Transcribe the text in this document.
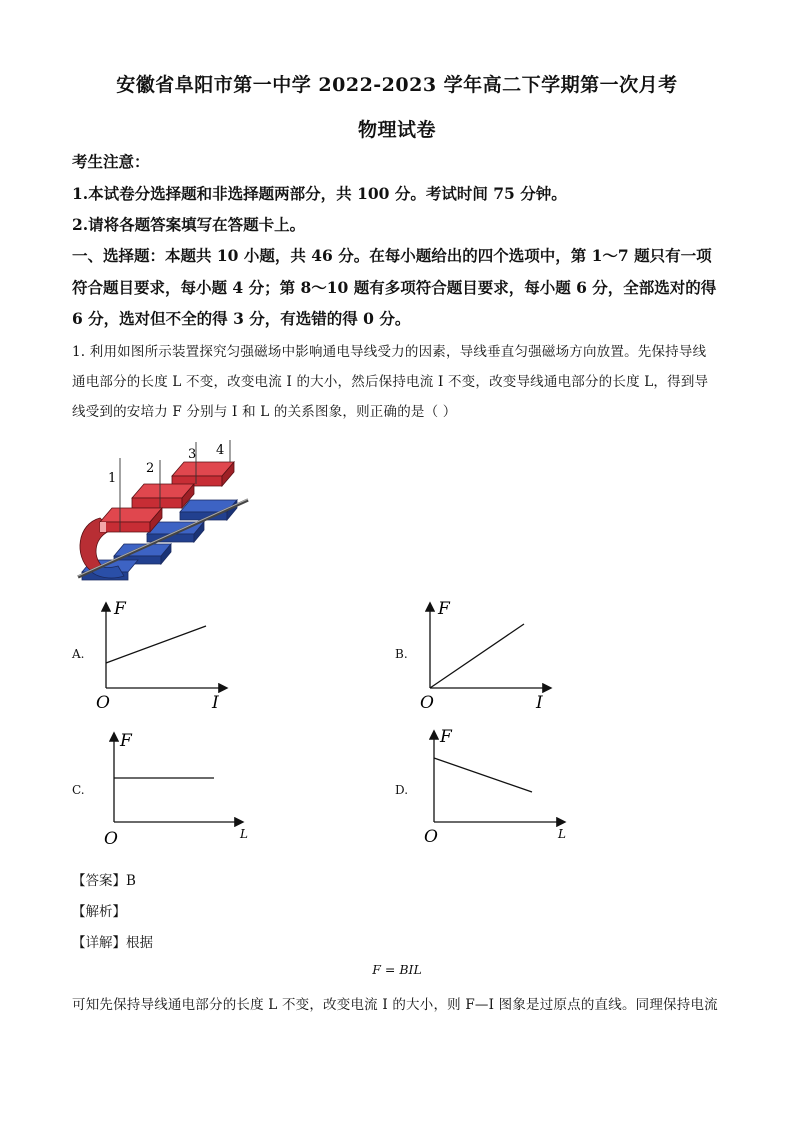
安徽省阜阳市第一中学 2022-2023 学年高二下学期第一次月考
物理试卷
考生注意：
1.本试卷分选择题和非选择题两部分，共 100 分。考试时间 75 分钟。
2.请将各题答案填写在答题卡上。
一、选择题：本题共 10 小题，共 46 分。在每小题给出的四个选项中，第 1～7 题只有一项
符合题目要求，每小题 4 分；第 8～10 题有多项符合题目要求，每小题 6 分，全部选对的得
6 分，选对但不全的得 3 分，有选错的得 0 分。
1. 利用如图所示装置探究匀强磁场中影响通电导线受力的因素，导线垂直匀强磁场方向放置。先保持导线
通电部分的长度 L 不变，改变电流 I 的大小，然后保持电流 I 不变，改变导线通电部分的长度 L，得到导
线受到的安培力 F 分别与 I 和 L 的关系图象，则正确的是（ ）
1
2
3 4
A.
F
I
O
B.
F
I
O
C.
F
L
O
D.
F
L
O
【答案】B
【解析】
【详解】根据
F = BIL
可知先保持导线通电部分的长度 L 不变，改变电流 I 的大小，则 F—I 图象是过原点的直线。同理保持电流
